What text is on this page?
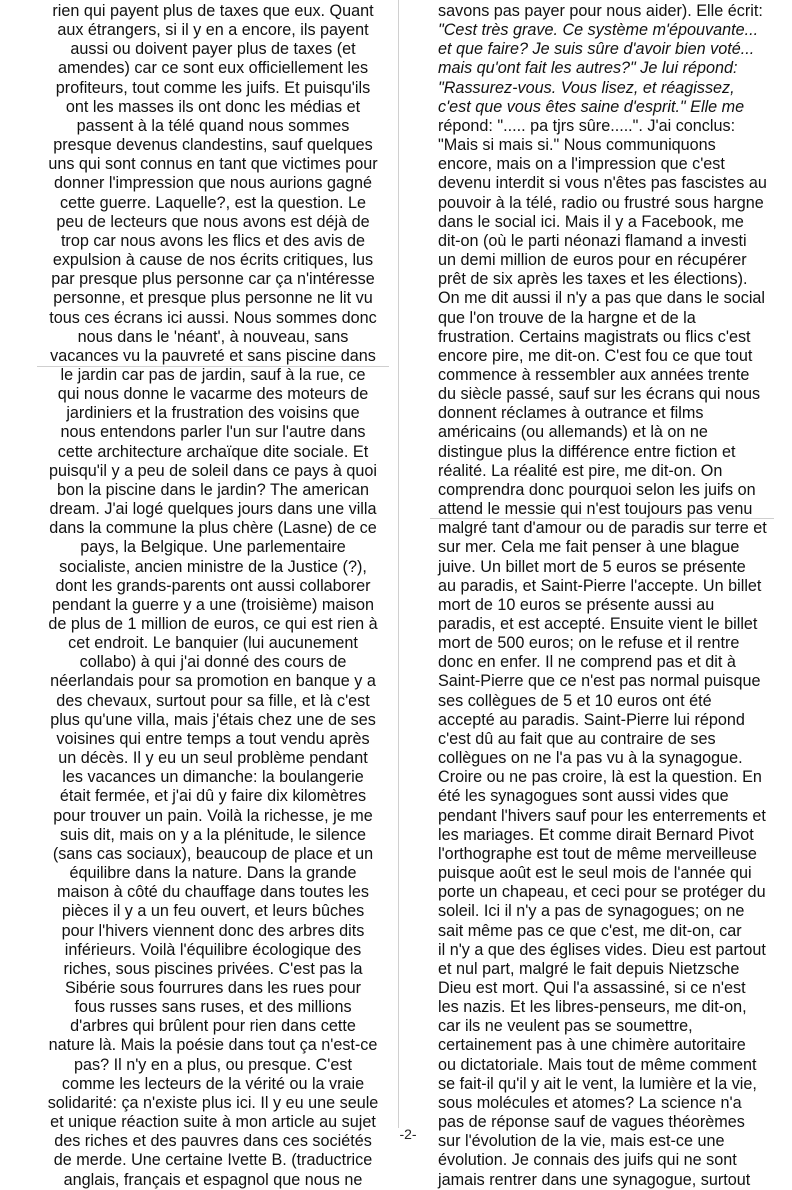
rien qui payent plus de taxes que eux. Quant
aux étrangers, si il y en a encore, ils payent
aussi ou doivent payer plus de taxes (et
amendes) car ce sont eux officiellement les
profiteurs, tout comme les juifs. Et puisqu'ils
ont les masses ils ont donc les médias et
passent à la télé quand nous sommes
presque devenus clandestins, sauf quelques
uns qui sont connus en tant que victimes pour
donner l'impression que nous aurions gagné
cette guerre. Laquelle?, est la question. Le
peu de lecteurs que nous avons est déjà de
trop car nous avons les flics et des avis de
expulsion à cause de nos écrits critiques, lus
par presque plus personne car ça n'intéresse
personne, et presque plus personne ne lit vu
tous ces écrans ici aussi. Nous sommes donc
nous dans le 'néant', à nouveau, sans
vacances vu la pauvreté et sans piscine dans
le jardin car pas de jardin, sauf à la rue, ce
qui nous donne le vacarme des moteurs de
jardiniers et la frustration des voisins que
nous entendons parler l'un sur l'autre dans
cette architecture archaïque dite sociale. Et
puisqu'il y a peu de soleil dans ce pays à quoi
bon la piscine dans le jardin? The american
dream. J'ai logé quelques jours dans une villa
dans la commune la plus chère (Lasne) de ce
pays, la Belgique. Une parlementaire
socialiste, ancien ministre de la Justice (?),
dont les grands-parents ont aussi collaborer
pendant la guerre y a une (troisième) maison
de plus de 1 million de euros, ce qui est rien à
cet endroit. Le banquier (lui aucunement
collabo) à qui j'ai donné des cours de
néerlandais pour sa promotion en banque y a
des chevaux, surtout pour sa fille, et là c'est
plus qu'une villa, mais j'étais chez une de ses
voisines qui entre temps a tout vendu après
un décès. Il y eu un seul problème pendant
les vacances un dimanche: la boulangerie
était fermée, et j'ai dû y faire dix kilomètres
pour trouver un pain. Voilà la richesse, je me
suis dit, mais on y a la plénitude, le silence
(sans cas sociaux), beaucoup de place et un
équilibre dans la nature. Dans la grande
maison à côté du chauffage dans toutes les
pièces il y a un feu ouvert, et leurs bûches
pour l'hivers viennent donc des arbres dits
inférieurs. Voilà l'équilibre écologique des
riches, sous piscines privées. C'est pas la
Sibérie sous fourrures dans les rues pour
fous russes sans ruses, et des millions
d'arbres qui brûlent pour rien dans cette
nature là. Mais la poésie dans tout ça n'est-ce
pas? Il n'y en a plus, ou presque. C'est
comme les lecteurs de la vérité ou la vraie
solidarité: ça n'existe plus ici. Il y eu une seule
et unique réaction suite à mon article au sujet
des riches et des pauvres dans ces sociétés
de merde. Une certaine Ivette B. (traductrice
anglais, français et espagnol que nous ne
savons pas payer pour nous aider). Elle écrit:
"Cest très grave. Ce système m'épouvante...
et que faire? Je suis sûre d'avoir bien voté...
mais qu'ont fait les autres?" Je lui répond:
"Rassurez-vous. Vous lisez, et réagissez,
c'est que vous êtes saine d'esprit." Elle me
répond: "..... pa tjrs sûre.....". J'ai conclus:
"Mais si mais si." Nous communiquons
encore, mais on a l'impression que c'est
devenu interdit si vous n'êtes pas fascistes au
pouvoir à la télé, radio ou frustré sous hargne
dans le social ici. Mais il y a Facebook, me
dit-on (où le parti néonazi flamand a investi
un demi million de euros pour en récupérer
prêt de six après les taxes et les élections).
On me dit aussi il n'y a pas que dans le social
que l'on trouve de la hargne et de la
frustration. Certains magistrats ou flics c'est
encore pire, me dit-on. C'est fou ce que tout
commence à ressembler aux années trente
du siècle passé, sauf sur les écrans qui nous
donnent réclames à outrance et films
américains (ou allemands) et là on ne
distingue plus la différence entre fiction et
réalité. La réalité est pire, me dit-on. On
comprendra donc pourquoi selon les juifs on
attend le messie qui n'est toujours pas venu
malgré tant d'amour ou de paradis sur terre et
sur mer. Cela me fait penser à une blague
juive. Un billet mort de 5 euros se présente
au paradis, et Saint-Pierre l'accepte. Un billet
mort de 10 euros se présente aussi au
paradis, et est accepté. Ensuite vient le billet
mort de 500 euros; on le refuse et il rentre
donc en enfer. Il ne comprend pas et dit à
Saint-Pierre que ce n'est pas normal puisque
ses collègues de 5 et 10 euros ont été
accepté au paradis. Saint-Pierre lui répond
c'est dû au fait que au contraire de ses
collègues on ne l'a pas vu à la synagogue.
Croire ou ne pas croire, là est la question. En
été les synagogues sont aussi vides que
pendant l'hivers sauf pour les enterrements et
les mariages. Et comme dirait Bernard Pivot
l'orthographe est tout de même merveilleuse
puisque août est le seul mois de l'année qui
porte un chapeau, et ceci pour se protéger du
soleil. Ici il n'y a pas de synagogues; on ne
sait même pas ce que c'est, me dit-on, car
il n'y a que des églises vides. Dieu est partout
et nul part, malgré le fait depuis Nietzsche
Dieu est mort. Qui l'a assassiné, si ce n'est
les nazis. Et les libres-penseurs, me dit-on,
car ils ne veulent pas se soumettre,
certainement pas à une chimère autoritaire
ou dictatoriale. Mais tout de même comment
se fait-il qu'il y ait le vent, la lumière et la vie,
sous molécules et atomes? La science n'a
pas de réponse sauf de vagues théorèmes
sur l'évolution de la vie, mais est-ce une
évolution. Je connais des juifs qui ne sont
jamais rentrer dans une synagogue, surtout
-2-
